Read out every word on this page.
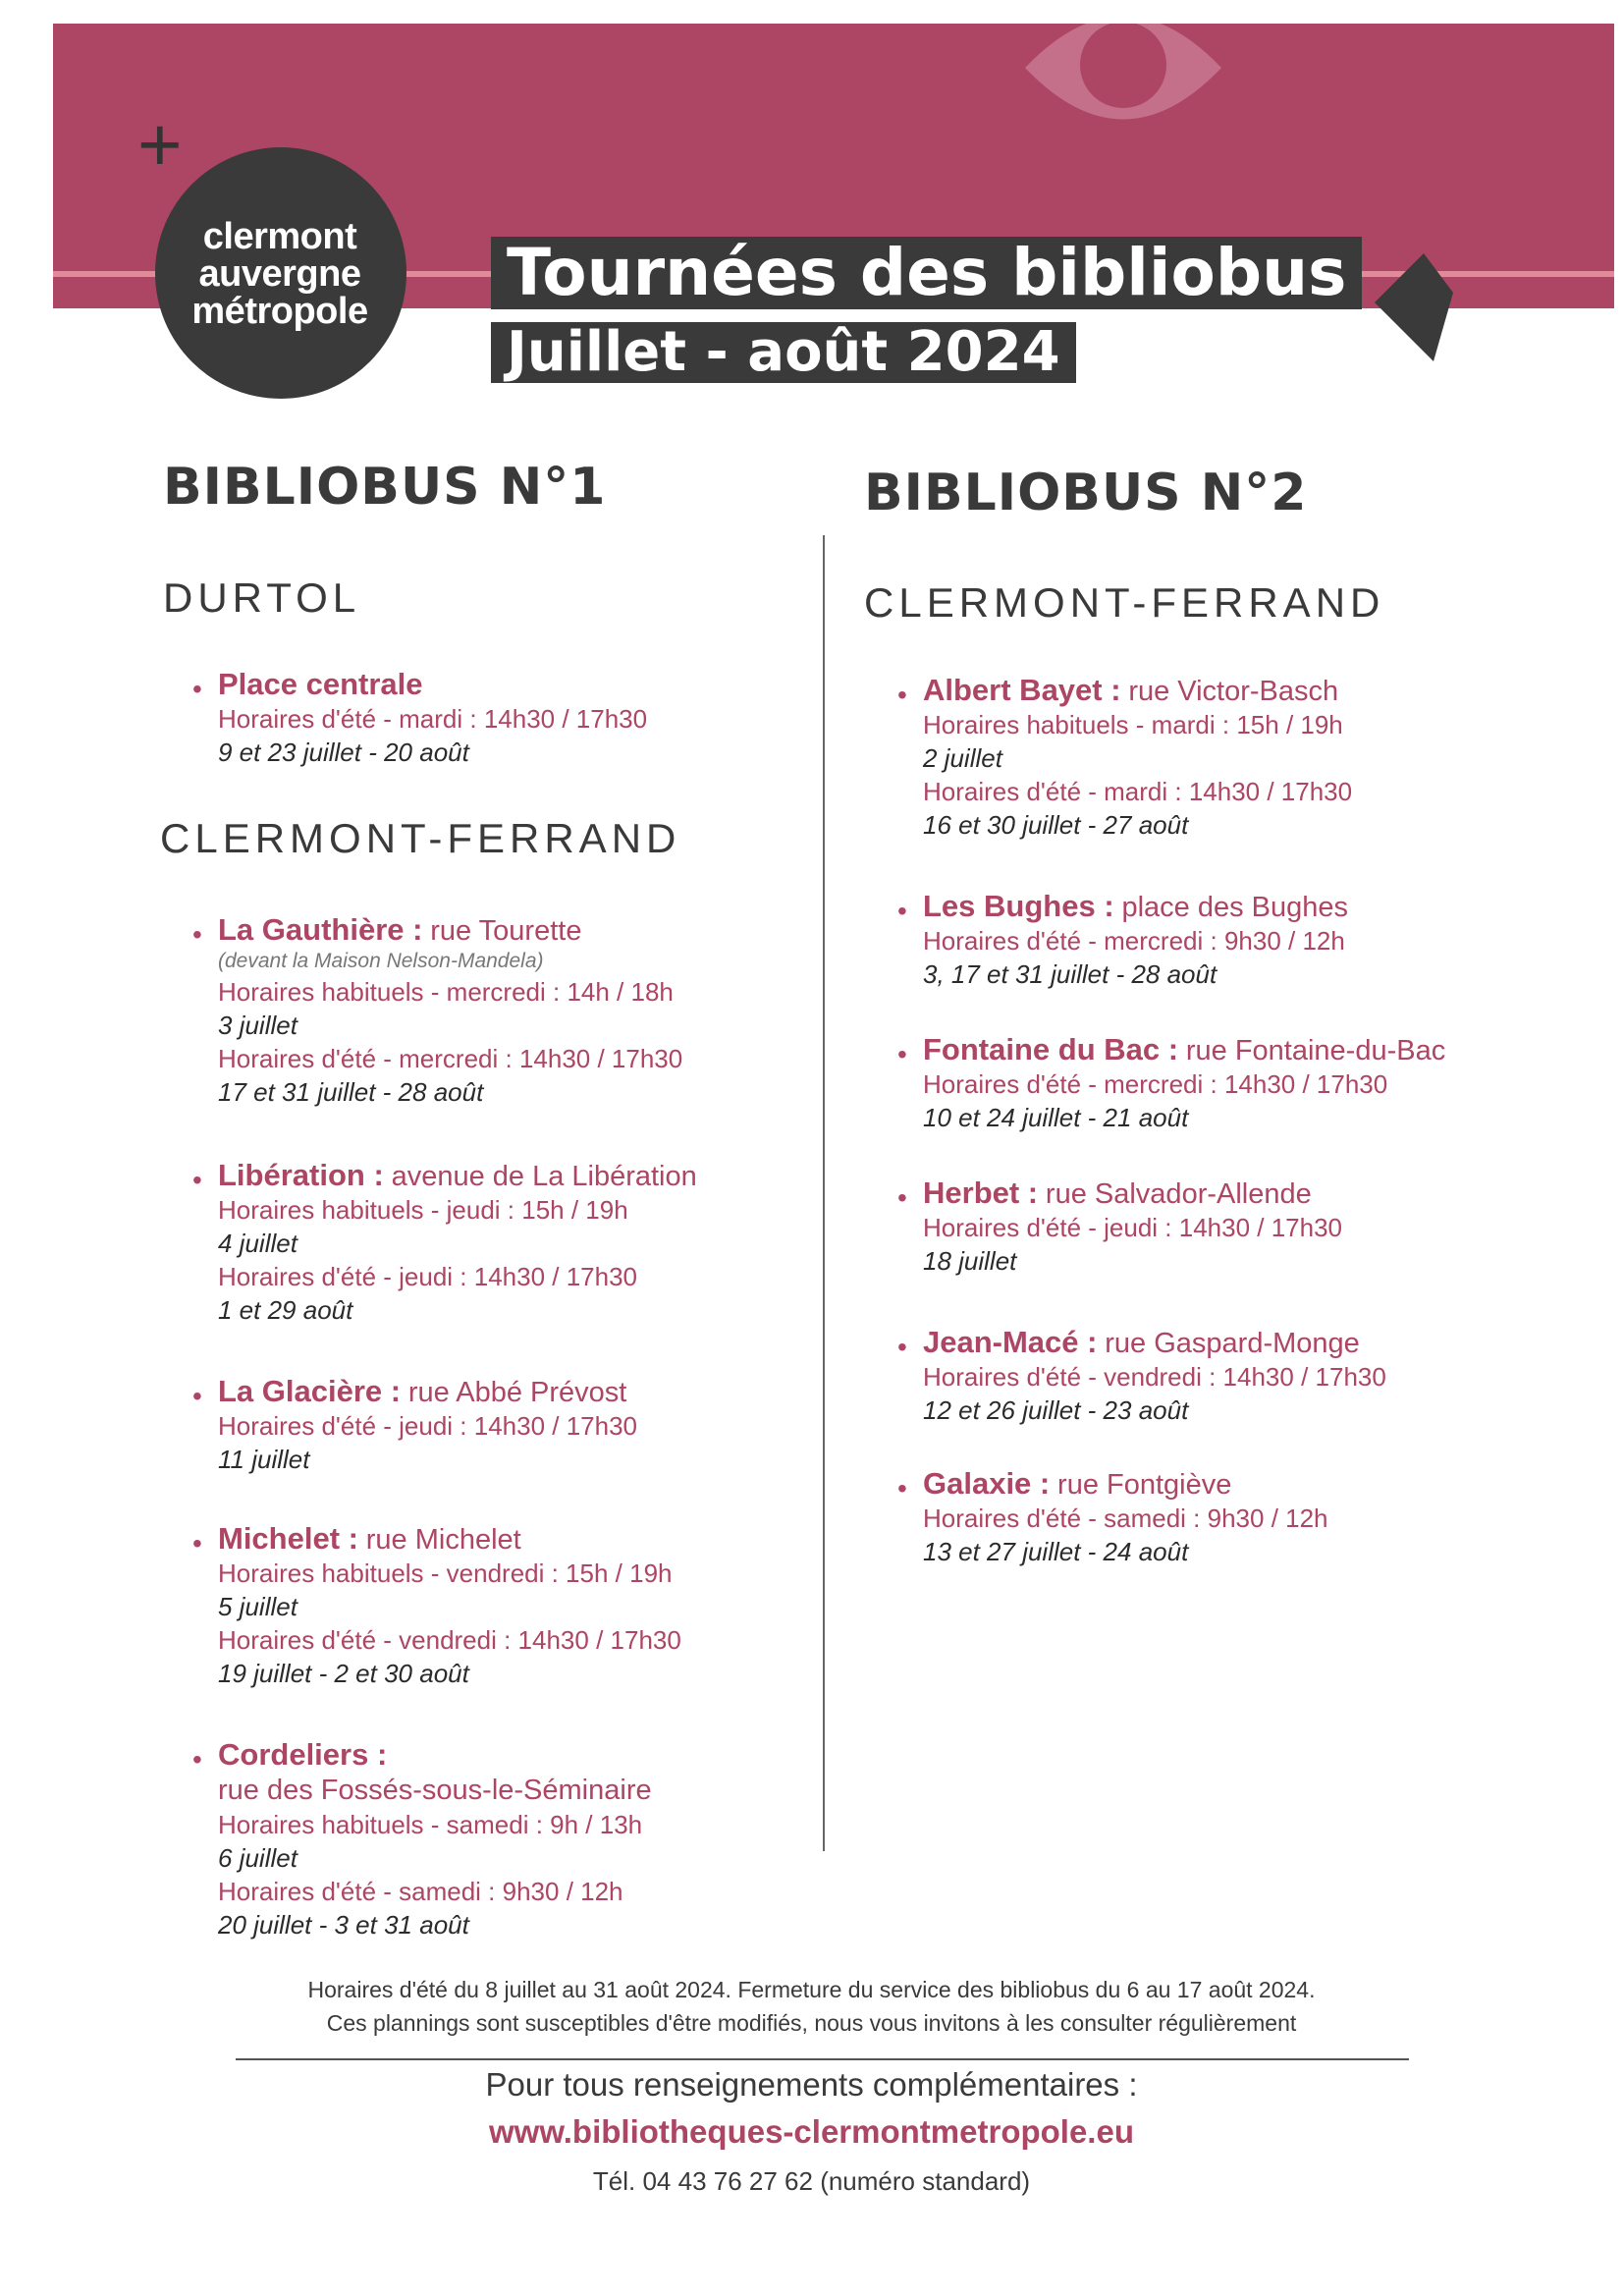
+
clermont
auvergne
métropole
Tournées des bibliobus
Juillet - août 2024
BIBLIOBUS N°1
DURTOL
CLERMONT-FERRAND
• Place centrale
Horaires d'été - mardi : 14h30 / 17h30
9 et 23 juillet - 20 août
• La Gauthière : rue Tourette
(devant la Maison Nelson-Mandela)
Horaires habituels - mercredi : 14h / 18h
3 juillet
Horaires d'été - mercredi : 14h30 / 17h30
17 et 31 juillet - 28 août
• Libération : avenue de La Libération
Horaires habituels - jeudi : 15h / 19h
4 juillet
Horaires d'été - jeudi : 14h30 / 17h30
1 et 29 août
• La Glacière : rue Abbé Prévost
Horaires d'été - jeudi : 14h30 / 17h30
11 juillet
• Michelet : rue Michelet
Horaires habituels - vendredi : 15h / 19h
5 juillet
Horaires d'été - vendredi : 14h30 / 17h30
19 juillet - 2 et 30 août
• Cordeliers :
rue des Fossés-sous-le-Séminaire
Horaires habituels - samedi : 9h / 13h
6 juillet
Horaires d'été - samedi : 9h30 / 12h
20 juillet - 3 et 31 août
BIBLIOBUS N°2
CLERMONT-FERRAND
• Albert Bayet : rue Victor-Basch
Horaires habituels - mardi : 15h / 19h
2 juillet
Horaires d'été - mardi : 14h30 / 17h30
16 et 30 juillet - 27 août
• Les Bughes : place des Bughes
Horaires d'été - mercredi : 9h30 / 12h
3, 17 et 31 juillet - 28 août
• Fontaine du Bac : rue Fontaine-du-Bac
Horaires d'été - mercredi : 14h30 / 17h30
10 et 24 juillet - 21 août
• Herbet : rue Salvador-Allende
Horaires d'été - jeudi : 14h30 / 17h30
18 juillet
• Jean-Macé : rue Gaspard-Monge
Horaires d'été - vendredi : 14h30 / 17h30
12 et 26 juillet - 23 août
• Galaxie : rue Fontgiève
Horaires d'été - samedi : 9h30 / 12h
13 et 27 juillet - 24 août
Horaires d'été du 8 juillet au 31 août 2024. Fermeture du service des bibliobus du 6 au 17 août 2024.
Ces plannings sont susceptibles d'être modifiés, nous vous invitons à les consulter régulièrement
Pour tous renseignements complémentaires :
www.bibliotheques-clermontmetropole.eu
Tél. 04 43 76 27 62 (numéro standard)
